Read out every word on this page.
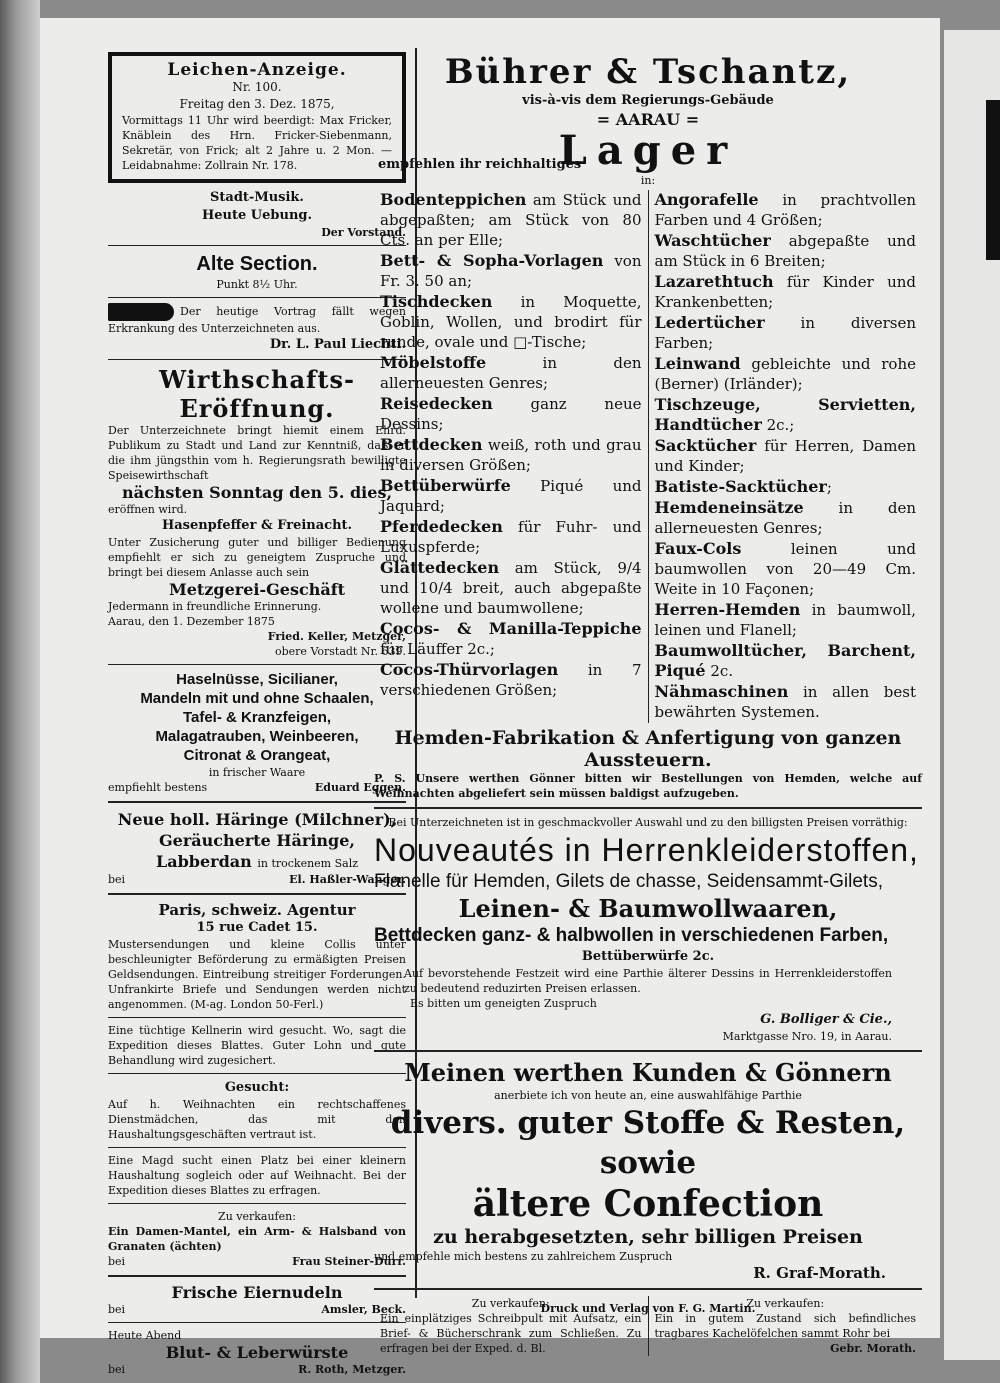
Leichen-Anzeige.
Nr. 100.
Freitag den 3. Dez. 1875,
Vormittags 11 Uhr wird beerdigt: Max Fricker, Knäblein des Hrn. Fricker-Siebenmann, Sekretär, von Frick; alt 2 Jahre u. 2 Mon. — Leidabnahme: Zollrain Nr. 178.
Stadt-Musik.
Heute Uebung.
Der Vorstand.
Alte Section.
Punkt 8½ Uhr.
Der heutige Vortrag fällt wegen Erkrankung des Unterzeichneten aus.
Dr. L. Paul Liechti.
Wirthschafts-Eröffnung.
Der Unterzeichnete bringt hiemit einem Ehrd. Publikum zu Stadt und Land zur Kenntniß, daß er die ihm jüngsthin vom h. Regierungsrath bewilligte Speisewirthschaft
nächsten Sonntag den 5. dies,
eröffnen wird.
Hasenpfeffer & Freinacht.
Unter Zusicherung guter und billiger Bedienung empfiehlt er sich zu geneigtem Zuspruche und bringt bei diesem Anlasse auch sein
Metzgerei-Geschäft
Jedermann in freundliche Erinnerung.
Aarau, den 1. Dezember 1875
Fried. Keller, Metzger,
obere Vorstadt Nr. 639.
Haselnüsse, Sicilianer,
Mandeln mit und ohne Schaalen,
Tafel- & Kranzfeigen,
Malagatrauben, Weinbeeren,
Citronat & Orangeat,
in frischer Waare
empfiehlt bestens	Eduard Eggen.
Neue holl. Häringe (Milchner),
Geräucherte Häringe,
Labberdan in trockenem Salz
bei	El. Haßler-Wanger.
Paris, schweiz. Agentur
15 rue Cadet 15.
Mustersendungen und kleine Collis unter beschleunigter Beförderung zu ermäßigten Preisen Geldsendungen. Eintreibung streitiger Forderungen. Unfrankirte Briefe und Sendungen werden nicht angenommen. (M-ag. London 50-Ferl.)
Eine tüchtige Kellnerin wird gesucht. Wo, sagt die Expedition dieses Blattes. Guter Lohn und gute Behandlung wird zugesichert.
Gesucht:
Auf h. Weihnachten ein rechtschaffenes Dienstmädchen, das mit den Haushaltungsgeschäften vertraut ist.
Eine Magd sucht einen Platz bei einer kleinern Haushaltung sogleich oder auf Weihnacht. Bei der Expedition dieses Blattes zu erfragen.
Zu verkaufen:
Ein Damen-Mantel, ein Arm- & Halsband von Granaten (ächten)
bei	Frau Steiner-Dürr.
Frische Eiernudeln
bei	Amsler, Beck.
Heute Abend
Blut- & Leberwürste
bei	R. Roth, Metzger.
Bührer & Tschantz,
vis-à-vis dem Regierungs-Gebäude
= AARAU =
empfehlen ihr reichhaltiges
Lager
in:
Bodenteppichen am Stück und abgepaßten; am Stück von 80 Cts. an per Elle;
Bett- & Sopha-Vorlagen von Fr. 3. 50 an;
Tischdecken in Moquette, Goblin, Wollen, und brodirt für runde, ovale und □-Tische;
Möbelstoffe in den allerneuesten Genres;
Reisedecken ganz neue Dessins;
Bettdecken weiß, roth und grau in diversen Größen;
Bettüberwürfe Piqué und Jaquard;
Pferdedecken für Fuhr- und Luxuspferde;
Glättedecken am Stück, 9/4 und 10/4 breit, auch abgepaßte wollene und baumwollene;
Cocos- & Manilla-Teppiche für Läuffer 2c.;
Cocos-Thürvorlagen in 7 verschiedenen Größen;
Angorafelle in prachtvollen Farben und 4 Größen;
Waschtücher abgepaßte und am Stück in 6 Breiten;
Lazarethtuch für Kinder und Krankenbetten;
Ledertücher in diversen Farben;
Leinwand gebleichte und rohe (Berner) (Irländer);
Tischzeuge, Servietten, Handtücher 2c.;
Sacktücher für Herren, Damen und Kinder;
Batiste-Sacktücher;
Hemdeneinsätze in den allerneuesten Genres;
Faux-Cols leinen und baumwollen von 20—49 Cm. Weite in 10 Façonen;
Herren-Hemden in baumwoll, leinen und Flanell;
Baumwolltücher, Barchent, Piqué 2c.
Nähmaschinen in allen best bewährten Systemen.
Hemden-Fabrikation & Anfertigung von ganzen Aussteuern.
P. S. Unsere werthen Gönner bitten wir Bestellungen von Hemden, welche auf Weihnachten abgeliefert sein müssen baldigst aufzugeben.
Bei Unterzeichneten ist in geschmackvoller Auswahl und zu den billigsten Preisen vorräthig:
Nouveautés in Herrenkleiderstoffen,
Flanelle für Hemden, Gilets de chasse, Seidensammt-Gilets,
Leinen- & Baumwollwaaren,
Bettdecken ganz- & halbwollen in verschiedenen Farben,
Bettüberwürfe 2c.
Auf bevorstehende Festzeit wird eine Parthie älterer Dessins in Herrenkleiderstoffen zu bedeutend reduzirten Preisen erlassen.
Es bitten um geneigten Zuspruch
G. Bolliger & Cie.,
Marktgasse Nro. 19, in Aarau.
Meinen werthen Kunden & Gönnern
anerbiete ich von heute an, eine auswahlfähige Parthie
divers. guter Stoffe & Resten, sowie
ältere Confection
zu herabgesetzten, sehr billigen Preisen
und empfehle mich bestens zu zahlreichem Zuspruch
R. Graf-Morath.
Zu verkaufen:
Ein einplätziges Schreibpult mit Aufsatz, ein Brief- & Bücherschrank zum Schließen. Zu erfragen bei der Exped. d. Bl.
Zu verkaufen:
Ein in gutem Zustand sich befindliches tragbares Kachelöfelchen sammt Rohr bei
Gebr. Morath.
Druck und Verlag von F. G. Martin.
